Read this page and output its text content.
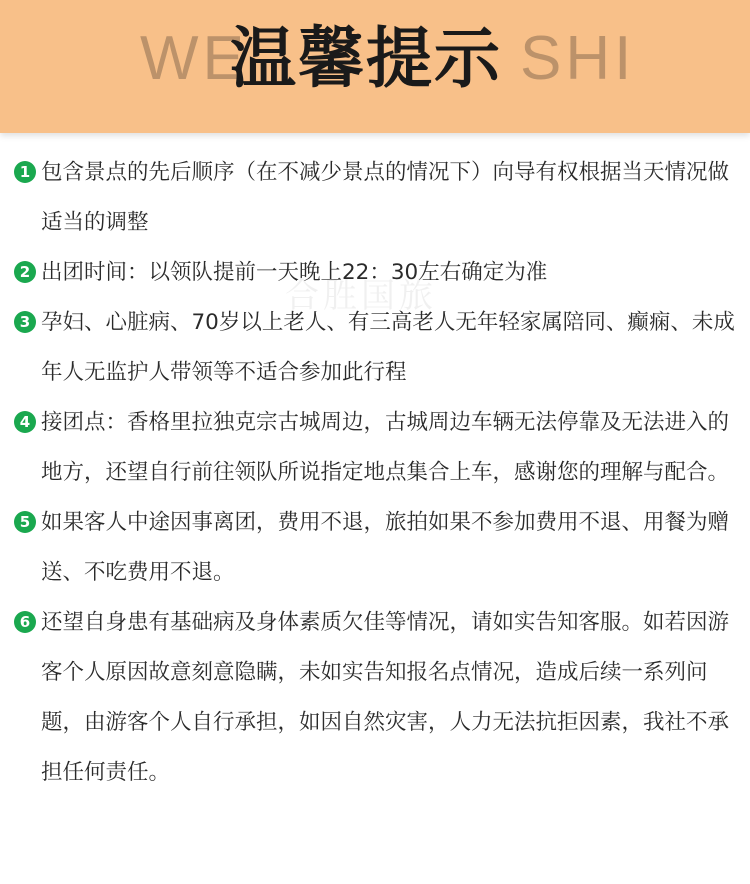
WE	SHI
温馨提示
合胜国旅
1 包含景点的先后顺序（在不减少景点的情况下）向导有权根据当天情况做适当的调整
2 出团时间：以领队提前一天晚上22：30左右确定为准
3 孕妇、心脏病、70岁以上老人、有三高老人无年轻家属陪同、癫痫、未成年人无监护人带领等不适合参加此行程
4 接团点：香格里拉独克宗古城周边，古城周边车辆无法停靠及无法进入的地方，还望自行前往领队所说指定地点集合上车，感谢您的理解与配合。
5 如果客人中途因事离团，费用不退，旅拍如果不参加费用不退、用餐为赠送、不吃费用不退。
6 还望自身患有基础病及身体素质欠佳等情况，请如实告知客服。如若因游客个人原因故意刻意隐瞒，未如实告知报名点情况，造成后续一系列问题，由游客个人自行承担，如因自然灾害，人力无法抗拒因素，我社不承担任何责任。
